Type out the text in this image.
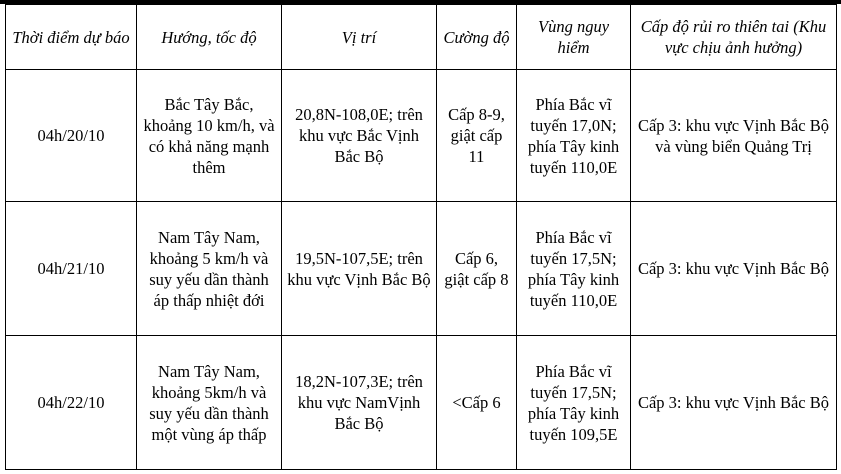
Thời điểm dự báo	Hướng, tốc độ	Vị trí	Cường độ	Vùng nguy hiểm	Cấp độ rủi ro thiên tai (Khu vực chịu ảnh hưởng)
04h/20/10	Bắc Tây Bắc, khoảng 10 km/h, và có khả năng mạnh thêm	20,8N-108,0E; trên khu vực Bắc Vịnh Bắc Bộ	Cấp 8-9, giật cấp 11	Phía Bắc vĩ tuyến 17,0N; phía Tây kinh tuyến 110,0E	Cấp 3: khu vực Vịnh Bắc Bộ và vùng biển Quảng Trị
04h/21/10	Nam Tây Nam, khoảng 5 km/h và suy yếu dần thành áp thấp nhiệt đới	19,5N-107,5E; trên khu vực Vịnh Bắc Bộ	Cấp 6, giật cấp 8	Phía Bắc vĩ tuyến 17,5N; phía Tây kinh tuyến 110,0E	Cấp 3: khu vực Vịnh Bắc Bộ
04h/22/10	Nam Tây Nam, khoảng 5km/h và suy yếu dần thành một vùng áp thấp	18,2N-107,3E; trên khu vực NamVịnh Bắc Bộ	<Cấp 6	Phía Bắc vĩ tuyến 17,5N; phía Tây kinh tuyến 109,5E	Cấp 3: khu vực Vịnh Bắc Bộ
